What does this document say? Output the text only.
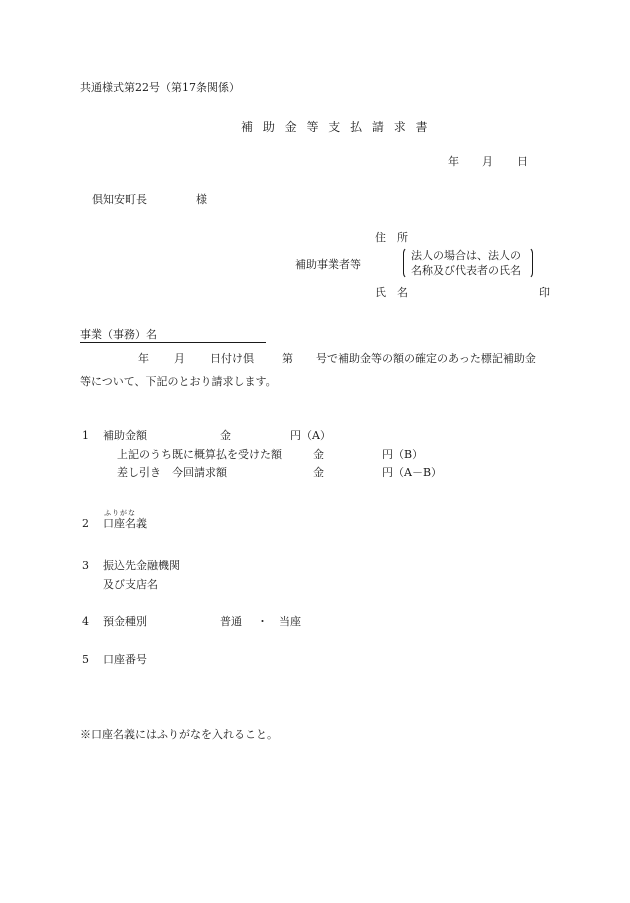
共通様式第22号（第17条関係）
補 助 金 等 支 払 請 求 書
年 月 日
倶知安町長	様
住　所
補助事業者等
法人の場合は、法人の
名称及び代表者の氏名
氏　名	印
事業（事務）名
年 月 日付け倶	第 号で補助金等の額の確定のあった標記補助金
等について、下記のとおり請求します。
1 補助金額	金	円（A）
上記のうち既に概算払を受けた額	金	円（B）
差し引き　今回請求額	金	円（A－B）
ふりがな
2 口座名義
3 振込先金融機関
及び支店名
4 預金種別	普通 ・ 当座
5 口座番号
※口座名義にはふりがなを入れること。
